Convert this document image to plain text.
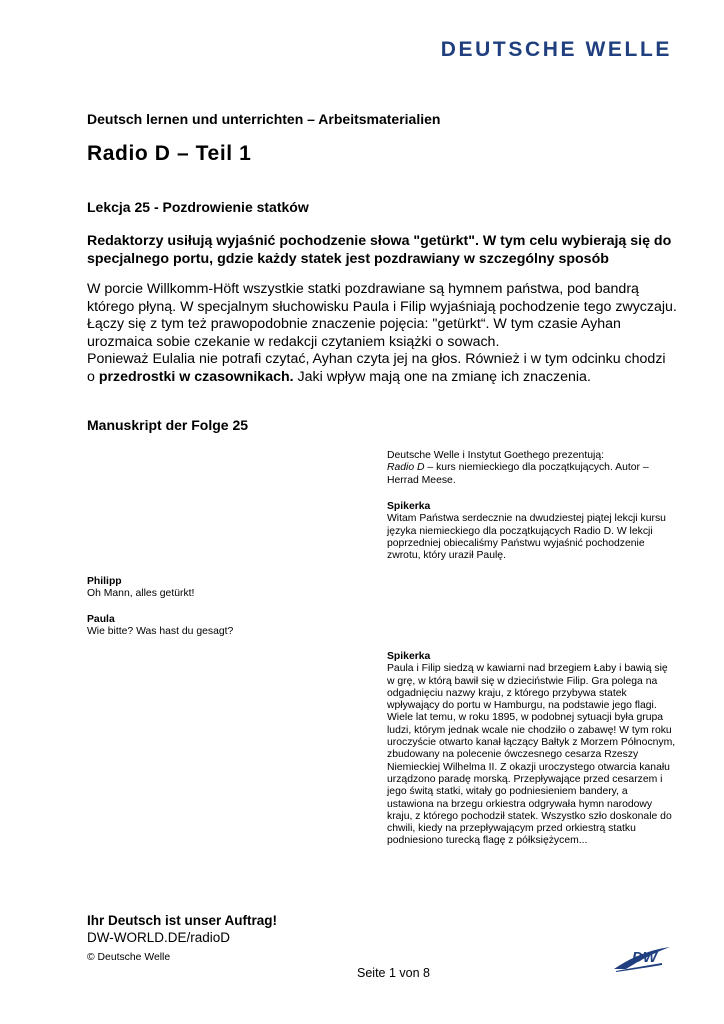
DEUTSCHE WELLE
Deutsch lernen und unterrichten – Arbeitsmaterialien
Radio D – Teil 1
Lekcja 25 - Pozdrowienie statków
Redaktorzy usiłują wyjaśnić pochodzenie słowa "getürkt". W tym celu wybierają się do specjalnego portu, gdzie każdy statek jest pozdrawiany w szczególny sposób

W porcie Willkomm-Höft wszystkie statki pozdrawiane są hymnem państwa, pod bandrą którego płyną. W specjalnym słuchowisku Paula i Filip wyjaśniają pochodzenie tego zwyczaju. Łączy się z tym też prawopodobnie znaczenie pojęcia: "getürkt“. W tym czasie Ayhan urozmaica sobie czekanie w redakcji czytaniem książki o sowach.

Ponieważ Eulalia nie potrafi czytać, Ayhan czyta jej na głos. Również i w tym odcinku chodzi o przedrostki w czasownikach. Jaki wpływ mają one na zmianę ich znaczenia.

Manuskript der Folge 25

Deutsche Welle i Instytut Goethego prezentują:

Radio D – kurs niemieckiego dla początkujących. Autor – Herrad Meese.

Spikerka

Witam Państwa serdecznie na dwudziestej piątej lekcji kursu języka niemieckiego dla początkujących Radio D. W lekcji poprzedniej obiecaliśmy Państwu wyjaśnić pochodzenie zwrotu, który uraził Paulę.

Philipp

Oh Mann, alles getürkt!

Paula

Wie bitte? Was hast du gesagt?

Spikerka

Paula i Filip siedzą w kawiarni nad brzegiem Łaby i bawią się w grę, w którą bawił się w dzieciństwie Filip. Gra polega na odgadnięciu nazwy kraju, z którego przybywa statek wpływający do portu w Hamburgu, na podstawie jego flagi. Wiele lat temu, w roku 1895, w podobnej sytuacji była grupa ludzi, którym jednak wcale nie chodziło o zabawę! W tym roku uroczyście otwarto kanał łączący Bałtyk z Morzem Północnym, zbudowany na polecenie ówczesnego cesarza Rzeszy Niemieckiej Wilhelma II. Z okazji uroczystego otwarcia kanału urządzono paradę morską. Przepływające przed cesarzem i jego świtą statki, witały go podniesieniem bandery, a ustawiona na brzegu orkiestra odgrywała hymn narodowy kraju, z którego pochodził statek. Wszystko szło doskonale do chwili, kiedy na przepływającym przed orkiestrą statku podniesiono turecką flagę z półksiężycem...

Ihr Deutsch ist unser Auftrag!
DW-WORLD.DE/radioD
© Deutsche Welle
Seite 1 von 8
DW
